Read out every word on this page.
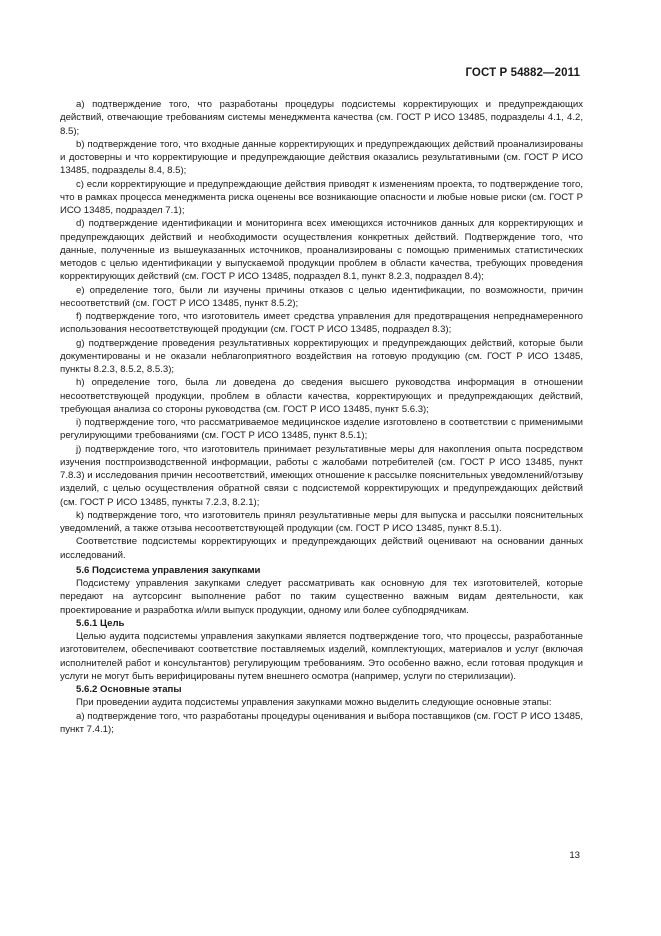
ГОСТ Р 54882—2011
a) подтверждение того, что разработаны процедуры подсистемы корректирующих и предупреждающих действий, отвечающие требованиям системы менеджмента качества (см. ГОСТ Р ИСО 13485, подразделы 4.1, 4.2, 8.5);
b) подтверждение того, что входные данные корректирующих и предупреждающих действий проанализированы и достоверны и что корректирующие и предупреждающие действия оказались результативными (см. ГОСТ Р ИСО 13485, подразделы 8.4, 8.5);
c) если корректирующие и предупреждающие действия приводят к изменениям проекта, то подтверждение того, что в рамках процесса менеджмента риска оценены все возникающие опасности и любые новые риски (см. ГОСТ Р ИСО 13485, подраздел 7.1);
d) подтверждение идентификации и мониторинга всех имеющихся источников данных для корректирующих и предупреждающих действий и необходимости осуществления конкретных действий. Подтверждение того, что данные, полученные из вышеуказанных источников, проанализированы с помощью применимых статистических методов с целью идентификации у выпускаемой продукции проблем в области качества, требующих проведения корректирующих действий (см. ГОСТ Р ИСО 13485, подраздел 8.1, пункт 8.2.3, подраздел 8.4);
e) определение того, были ли изучены причины отказов с целью идентификации, по возможности, причин несоответствий (см. ГОСТ Р ИСО 13485, пункт 8.5.2);
f) подтверждение того, что изготовитель имеет средства управления для предотвращения непреднамеренного использования несоответствующей продукции (см. ГОСТ Р ИСО 13485, подраздел 8.3);
g) подтверждение проведения результативных корректирующих и предупреждающих действий, которые были документированы и не оказали неблагоприятного воздействия на готовую продукцию (см. ГОСТ Р ИСО 13485, пункты 8.2.3, 8.5.2, 8.5.3);
h) определение того, была ли доведена до сведения высшего руководства информация в отношении несоответствующей продукции, проблем в области качества, корректирующих и предупреждающих действий, требующая анализа со стороны руководства (см. ГОСТ Р ИСО 13485, пункт 5.6.3);
i) подтверждение того, что рассматриваемое медицинское изделие изготовлено в соответствии с применимыми регулирующими требованиями (см. ГОСТ Р ИСО 13485, пункт 8.5.1);
j) подтверждение того, что изготовитель принимает результативные меры для накопления опыта посредством изучения постпроизводственной информации, работы с жалобами потребителей (см. ГОСТ Р ИСО 13485, пункт 7.8.3) и исследования причин несоответствий, имеющих отношение к рассылке пояснительных уведомлений/отзыву изделий, с целью осуществления обратной связи с подсистемой корректирующих и предупреждающих действий (см. ГОСТ Р ИСО 13485, пункты 7.2.3, 8.2.1);
k) подтверждение того, что изготовитель принял результативные меры для выпуска и рассылки пояснительных уведомлений, а также отзыва несоответствующей продукции (см. ГОСТ Р ИСО 13485, пункт 8.5.1).
Соответствие подсистемы корректирующих и предупреждающих действий оценивают на основании данных исследований.
5.6 Подсистема управления закупками
Подсистему управления закупками следует рассматривать как основную для тех изготовителей, которые передают на аутсорсинг выполнение работ по таким существенно важным видам деятельности, как проектирование и разработка и/или выпуск продукции, одному или более субподрядчикам.
5.6.1 Цель
Целью аудита подсистемы управления закупками является подтверждение того, что процессы, разработанные изготовителем, обеспечивают соответствие поставляемых изделий, комплектующих, материалов и услуг (включая исполнителей работ и консультантов) регулирующим требованиям. Это особенно важно, если готовая продукция и услуги не могут быть верифицированы путем внешнего осмотра (например, услуги по стерилизации).
5.6.2 Основные этапы
При проведении аудита подсистемы управления закупками можно выделить следующие основные этапы:
a) подтверждение того, что разработаны процедуры оценивания и выбора поставщиков (см. ГОСТ Р ИСО 13485, пункт 7.4.1);
13
